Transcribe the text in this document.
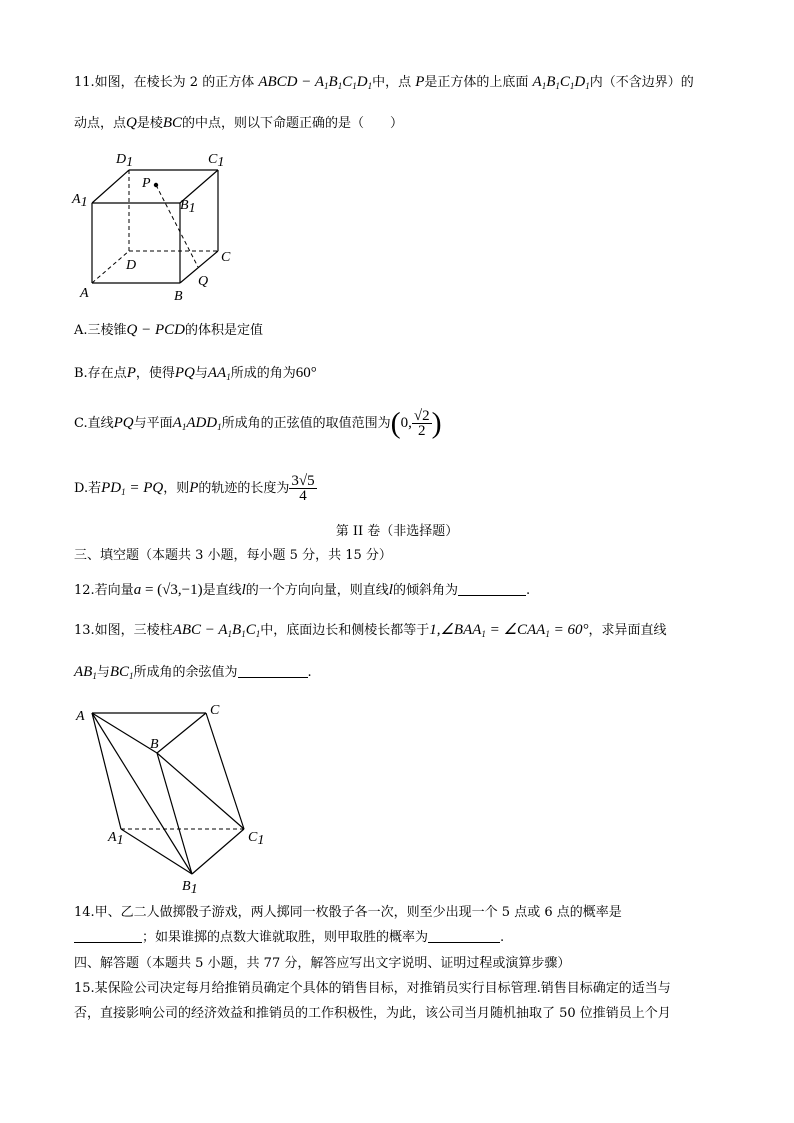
11.如图，在棱长为 2 的正方体 ABCD − $A_1B_1C_1D_1$中，点 P是正方体的上底面 $A_1B_1C_1D_1$内（不含边界）的
动点，点Q是棱BC的中点，则以下命题正确的是（　　）
D1	C1
A1	B1
P
D
C
A	B
Q
A.三棱锥Q − PCD的体积是定值
B.存在点P，使得PQ与$AA_1$所成的角为60°
C.直线PQ与平面$A_1ADD_1$所成角的正弦值的取值范围为(0, $\frac{√2}{2}$ )
D.若$PD_1$ = PQ，则P的轨迹的长度为 $\frac{3√5}{4}$
第 II 卷（非选择题）
三、填空题（本题共 3 小题，每小题 5 分，共 15 分）
12.若向量a = (√3,−1)是直线l的一个方向向量，则直线l的倾斜角为	.
13.如图，三棱柱ABC − $A_1B_1C_1$中，底面边长和侧棱长都等于$1,\angle BAA_1$ = $\angle CAA_1 = 60^\circ$，求异面直线
$AB_1$与$BC_1$所成角的余弦值为	.
A	C
B
A1	C1
B1
14.甲、乙二人做掷骰子游戏，两人掷同一枚骰子各一次，则至少出现一个 5 点或 6 点的概率是
；如果谁掷的点数大谁就取胜，则甲取胜的概率为	.
四、解答题（本题共 5 小题，共 77 分，解答应写出文字说明、证明过程或演算步骤）
15.某保险公司决定每月给推销员确定个具体的销售目标，对推销员实行目标管理.销售目标确定的适当与
否，直接影响公司的经济效益和推销员的工作积极性，为此，该公司当月随机抽取了 50 位推销员上个月
